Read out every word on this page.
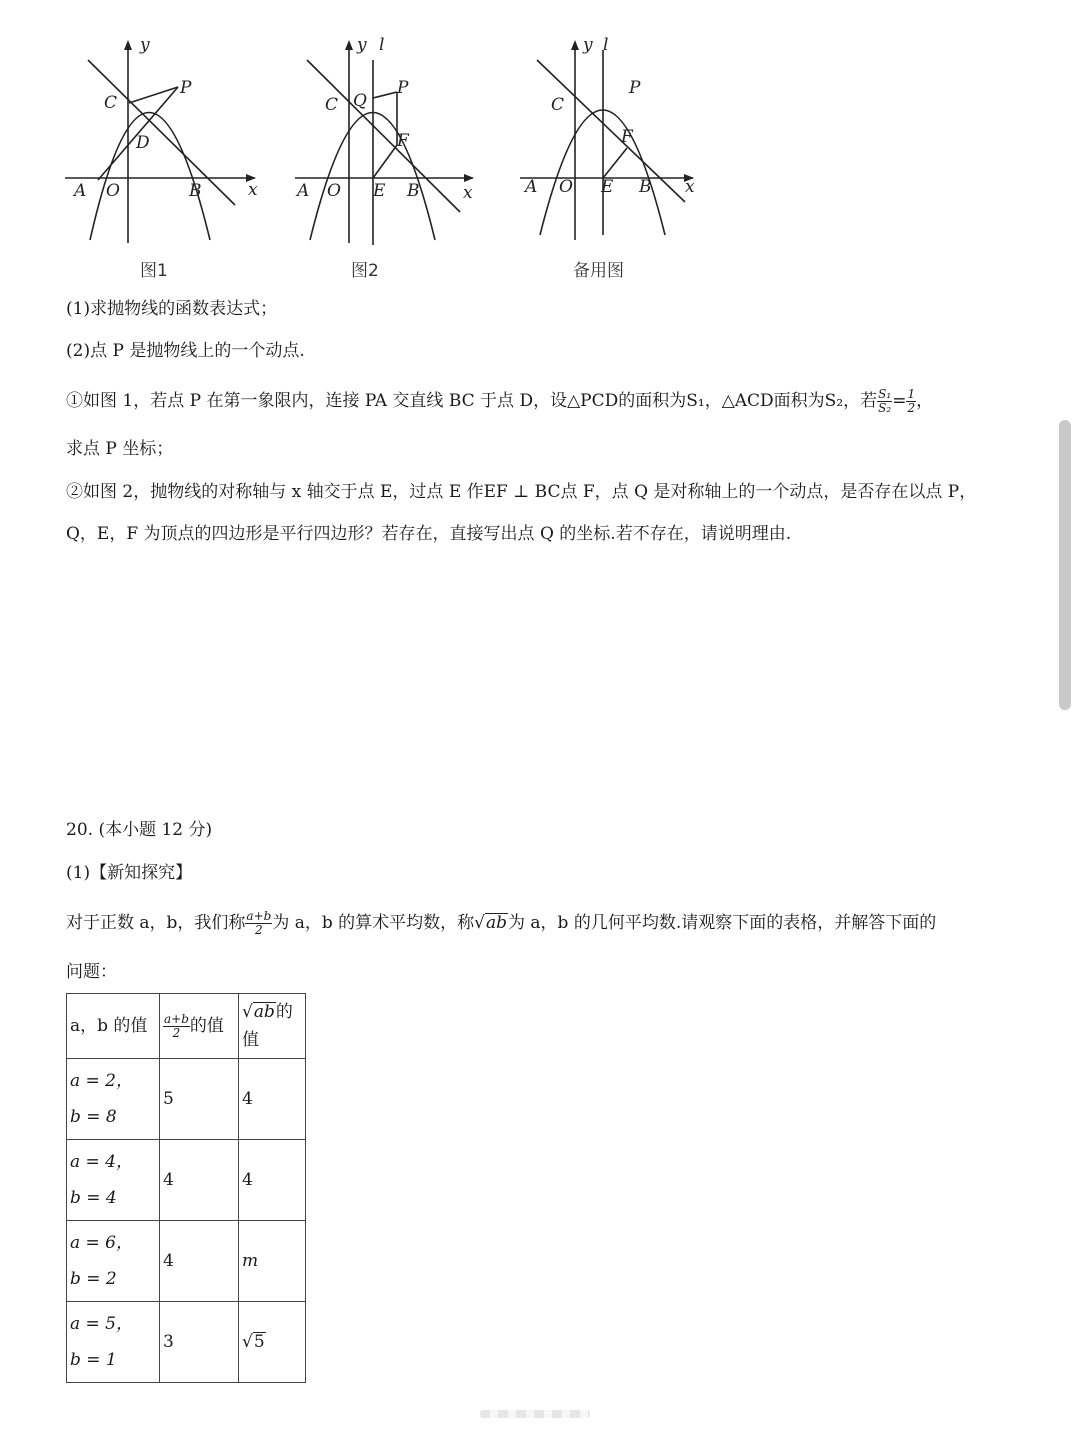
y
x
C
P
D
A O	B
图1
y l
x
C Q
P
F
A O E B
图2
y l
x
C
P
F
A O E B
备用图
(1)求抛物线的函数表达式；
(2)点 P 是抛物线上的一个动点.
①如图 1，若点 P 在第一象限内，连接 PA 交直线 BC 于点 D，设△PCD的面积为S₁，△ACD面积为S₂，若 $\frac{\text{S₁}}{\text{S₂}} = \frac{1}{2}$ ，
求点 P 坐标；
②如图 2，抛物线的对称轴与 x 轴交于点 E，过点 E 作EF ⊥ BC点 F，点 Q 是对称轴上的一个动点，是否存在以点 P，
Q，E，F 为顶点的四边形是平行四边形？若存在，直接写出点 Q 的坐标.若不存在，请说明理由.
20. (本小题 12 分)
(1)【新知探究】
对于正数 a，b，我们称 $\frac{a+b}{2}$ 为 a，b 的算术平均数，称√ab为 a，b 的几何平均数.请观察下面的表格，并解答下面的
问题：
a，b 的值	$\frac{a+b}{2}$ 的值	√ab的
值
a = 2，
b = 8	5	4
a = 4，
b = 4	4	4
a = 6，
b = 2	4	m
a = 5，
b = 1	3	√5
